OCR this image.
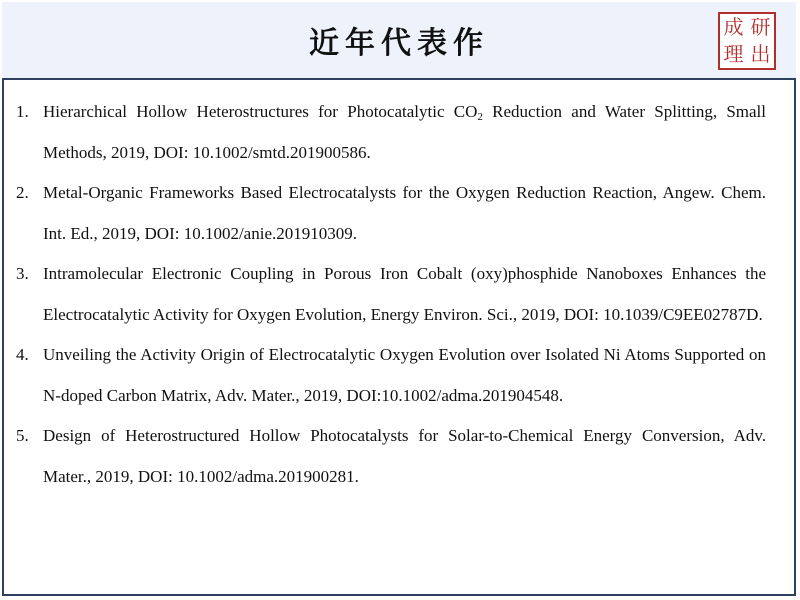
近年代表作	成 研
理 出
1. Hierarchical Hollow Heterostructures for Photocatalytic $CO_2$ Reduction and Water Splitting, Small Methods, 2019, DOI: 10.1002/smtd.201900586.
2. Metal-Organic Frameworks Based Electrocatalysts for the Oxygen Reduction Reaction, Angew. Chem. Int. Ed., 2019, DOI: 10.1002/anie.201910309.
3. Intramolecular Electronic Coupling in Porous Iron Cobalt (oxy)phosphide Nanoboxes Enhances the Electrocatalytic Activity for Oxygen Evolution, Energy Environ. Sci., 2019, DOI: 10.1039/C9EE02787D.
4. Unveiling the Activity Origin of Electrocatalytic Oxygen Evolution over Isolated Ni Atoms Supported on N-doped Carbon Matrix, Adv. Mater., 2019, DOI:10.1002/adma.201904548.
5. Design of Heterostructured Hollow Photocatalysts for Solar-to-Chemical Energy Conversion, Adv. Mater., 2019, DOI: 10.1002/adma.201900281.
